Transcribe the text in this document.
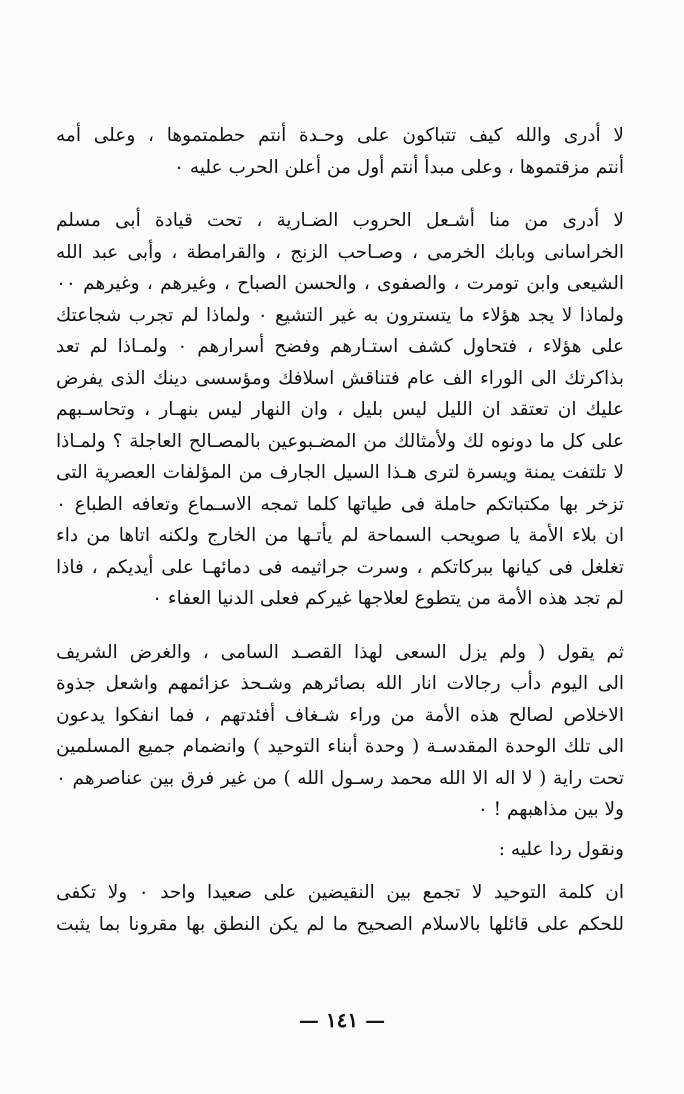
لا أدرى والله كيف تتباكون على وحـدة أنتم حطمتموها ، وعلى أمه
أنتم مزقتموها ، وعلى مبدأ أنتم أول من أعلن الحرب عليه ٠

لا أدرى من منا أشـعل الحروب الضـارية ، تحت قيادة أبى مسلم
الخراسانى وبابك الخرمى ، وصـاحب الزنج ، والقرامطة ، وأبى عبد الله
الشيعى وابن تومرت ، والصفوى ، والحسن الصباح ، وغيرهم ، وغيرهم ٠٠
ولماذا لا يجد هؤلاء ما يتسترون به غير التشيع ٠ ولماذا لم تجرب شجاعتك
على هؤلاء ، فتحاول كشف استـارهم وفضح أسرارهم ٠ ولمـاذا لم تعد
بذاكرتك الى الوراء الف عام فتناقش اسلافك ومؤسسى دينك الذى يفرض
عليك ان تعتقد ان الليل ليس بليل ، وان النهار ليس بنهـار ، وتحاسـبهم
على كل ما دونوه لك ولأمثالك من المضـبوعين بالمصـالح العاجلة ؟ ولمـاذا
لا تلتفت يمنة ويسرة لترى هـذا السيل الجارف من المؤلفات العصرية التى
تزخر بها مكتباتكم حاملة فى طياتها كلما تمجه الاسـماع وتعافه الطباع ٠
ان بلاء الأمة يا صويحب السماحة لم يأتـها من الخارج ولكنه اتاها من داء
تغلغل فى كيانها ببركاتكم ، وسرت جراثيمه فى دمائهـا على أيديكم ، فاذا
لم تجد هذه الأمة من يتطوع لعلاجها غيركم فعلى الدنيا العفاء ٠

ثم يقول ( ولم يزل السعى لهذا القصـد السامى ، والغرض الشريف
الى اليوم دأب رجالات انار الله بصائرهم وشـحذ عزائمهم واشعل جذوة
الاخلاص لصالح هذه الأمة من وراء شـغاف أفئدتهم ، فما انفكوا يدعون
الى تلك الوحدة المقدسـة ( وحدة أبناء التوحيد ) وانضمام جميع المسلمين
تحت راية ( لا اله الا الله محمد رسـول الله ) من غير فرق بين عناصرهم ٠
ولا بين مذاهبهم ! ٠

ونقول ردا عليه :

ان كلمة التوحيد لا تجمع بين النقيضين على صعيدا واحد ٠ ولا تكفى
للحكم على قائلها بالاسلام الصحيح ما لم يكن النطق بها مقرونا بما يثبت

— ١٤١ —
